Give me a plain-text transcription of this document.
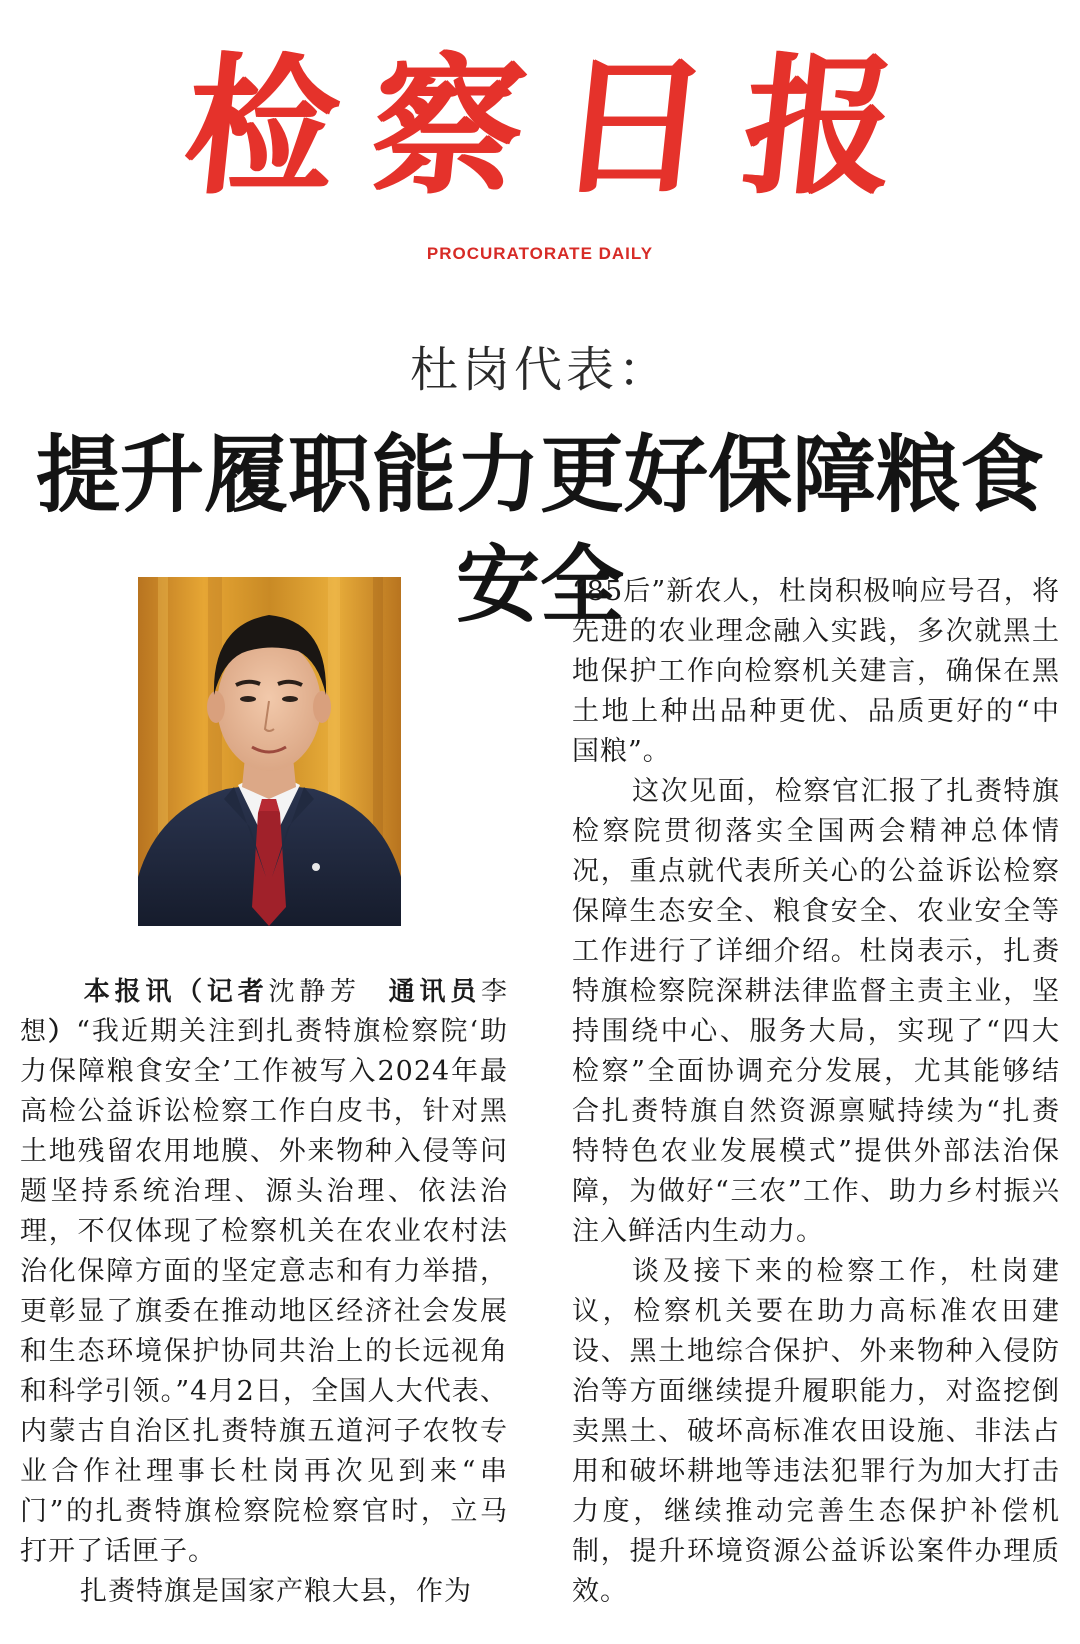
检察日报
PROCURATORATE DAILY
杜岗代表：
提升履职能力更好保障粮食安全

本报讯（记者沈静芳 通讯员李想）“我近期关注到扎赉特旗检察院‘助力保障粮食安全’工作被写入2024年最高检公益诉讼检察工作白皮书，针对黑土地残留农用地膜、外来物种入侵等问题坚持系统治理、源头治理、依法治理，不仅体现了检察机关在农业农村法治化保障方面的坚定意志和有力举措，更彰显了旗委在推动地区经济社会发展和生态环境保护协同共治上的长远视角和科学引领。”4月2日，全国人大代表、内蒙古自治区扎赉特旗五道河子农牧专业合作社理事长杜岗再次见到来“串门”的扎赉特旗检察院检察官时，立马打开了话匣子。

扎赉特旗是国家产粮大县，作为

“85后”新农人，杜岗积极响应号召，将先进的农业理念融入实践，多次就黑土地保护工作向检察机关建言，确保在黑土地上种出品种更优、品质更好的“中国粮”。

这次见面，检察官汇报了扎赉特旗检察院贯彻落实全国两会精神总体情况，重点就代表所关心的公益诉讼检察保障生态安全、粮食安全、农业安全等工作进行了详细介绍。杜岗表示，扎赉特旗检察院深耕法律监督主责主业，坚持围绕中心、服务大局，实现了“四大检察”全面协调充分发展，尤其能够结合扎赉特旗自然资源禀赋持续为“扎赉特特色农业发展模式”提供外部法治保障，为做好“三农”工作、助力乡村振兴注入鲜活内生动力。

谈及接下来的检察工作，杜岗建议，检察机关要在助力高标准农田建设、黑土地综合保护、外来物种入侵防治等方面继续提升履职能力，对盗挖倒卖黑土、破坏高标准农田设施、非法占用和破坏耕地等违法犯罪行为加大打击力度，继续推动完善生态保护补偿机制，提升环境资源公益诉讼案件办理质效。
